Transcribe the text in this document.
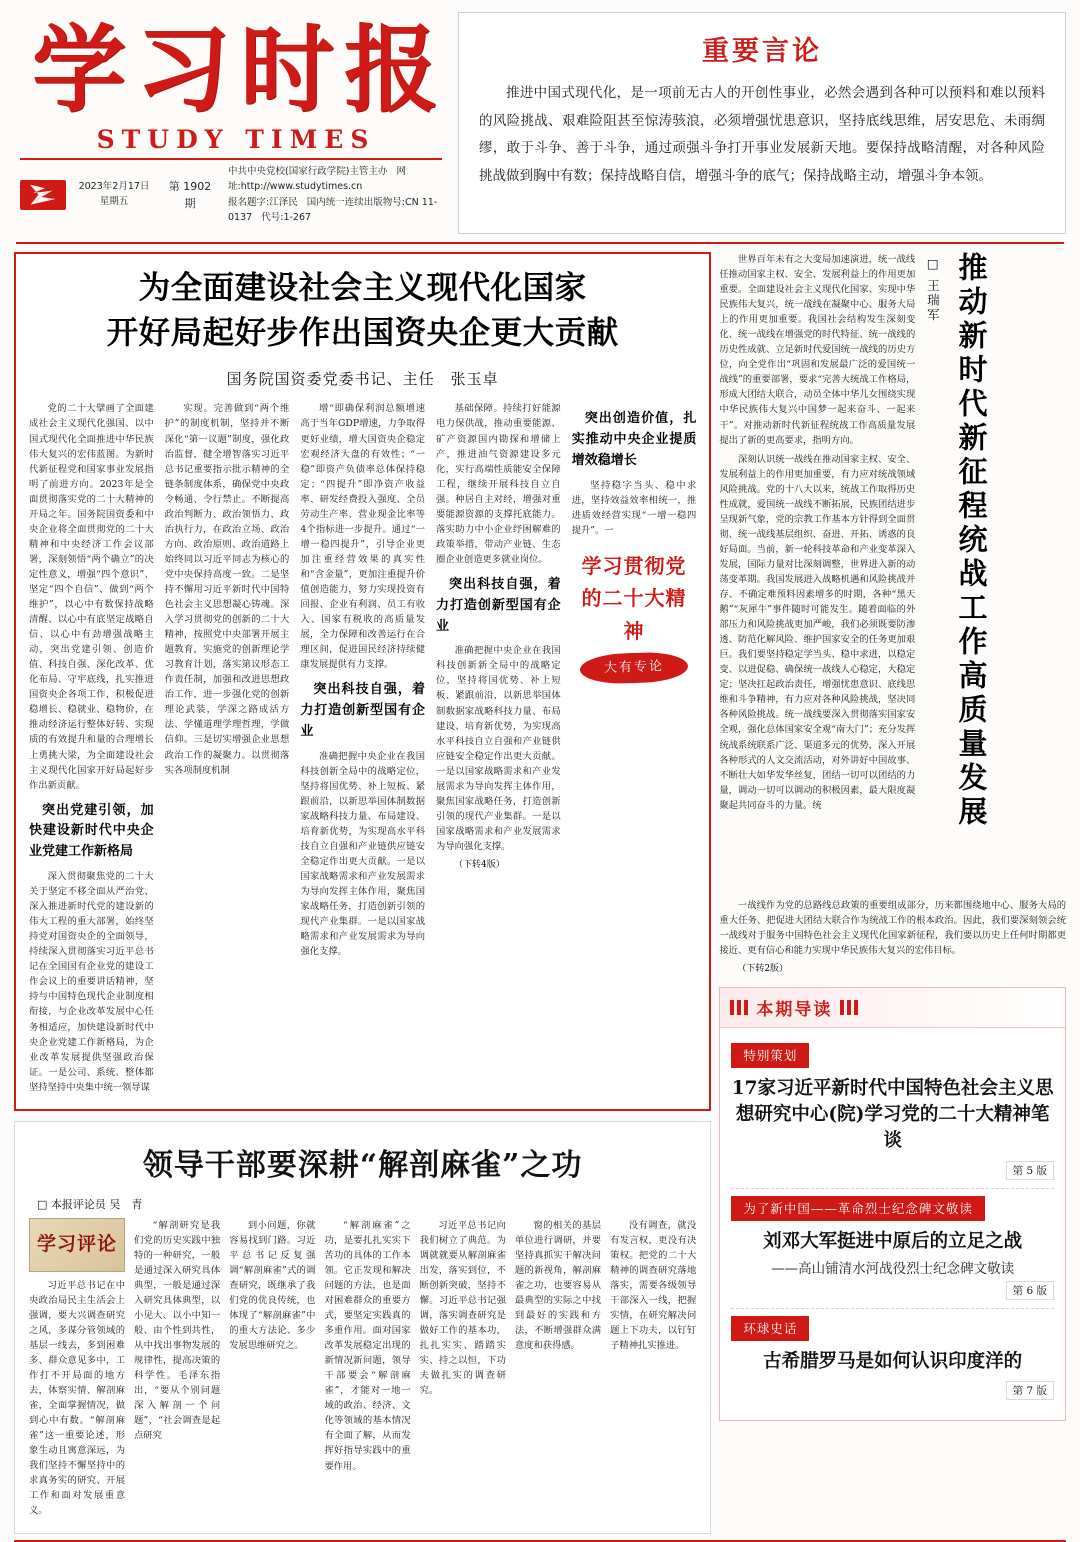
学习时报
STUDY TIMES
2023年2月17日
星期五
第 1902 期
中共中央党校(国家行政学院)主管主办 网址:http://www.studytimes.cn
报名题字:江泽民 国内统一连续出版物号:CN 11-0137 代号:1-267
重要言论
推进中国式现代化，是一项前无古人的开创性事业，必然会遇到各种可以预料和难以预料的风险挑战、艰难险阻甚至惊涛骇浪，必须增强忧患意识，坚持底线思维，居安思危、未雨绸缪，敢于斗争、善于斗争，通过顽强斗争打开事业发展新天地。要保持战略清醒，对各种风险挑战做到胸中有数；保持战略自信，增强斗争的底气；保持战略主动，增强斗争本领。
为全面建设社会主义现代化国家
开好局起好步作出国资央企更大贡献
国务院国资委党委书记、主任　张玉卓

党的二十大擘画了全面建成社会主义现代化强国、以中国式现代化全面推进中华民族伟大复兴的宏伟蓝图。为新时代新征程党和国家事业发展指明了前进方向。2023年是全面贯彻落实党的二十大精神的开局之年。国务院国资委和中央企业将全面贯彻党的二十大精神和中央经济工作会议部署，深刻领悟“两个确立”的决定性意义，增强“四个意识”、坚定“四个自信”、做到“两个维护”，以心中有数保持战略清醒、以心中有底坚定战略自信、以心中有劲增强战略主动，突出党建引领、创造价值、科技自强、深化改革、优化布局、守牢底线，扎实推进国资央企各项工作，积极促进稳增长、稳就业、稳物价，在推动经济运行整体好转、实现质的有效提升和量的合理增长上勇挑大梁，为全面建设社会主义现代化国家开好局起好步作出新贡献。

突出党建引领，加快建设新时代中央企业党建工作新格局

深入贯彻聚焦党的二十大关于坚定不移全面从严治党、深入推进新时代党的建设新的伟大工程的重大部署，始终坚持党对国资央企的全面领导，持续深入贯彻落实习近平总书记在全国国有企业党的建设工作会议上的重要讲话精神，坚持与中国特色现代企业制度相衔接，与企业改革发展中心任务相适应，加快建设新时代中央企业党建工作新格局，为企业改革发展提供坚强政治保证。一是公司、系统、整体都坚持坚持中央集中统一领导谋

实现。完善做到“两个维护”的制度机制，坚持并不断深化“第一议题”制度，强化政治监督，健全增智落实习近平总书记重要指示批示精神的全链条制度体系，确保党中央政令畅通、令行禁止。不断提高政治判断力、政治领悟力、政治执行力，在政治立场、政治方向、政治原则、政治道路上始终同以习近平同志为核心的党中央保持高度一致。二是坚持不懈用习近平新时代中国特色社会主义思想凝心铸魂。深入学习贯彻党的创新的二十大精神，按照党中央部署开展主题教育，实施党的创新理论学习教育计划，落实第议形态工作责任制，加强和改进思想政治工作，进一步强化党的创新理论武装，学深之路成活方法、学懂道理学理哲理，学做信仰。三是切实增强企业思想政治工作的凝聚力。以贯彻落实各项制度机制

增“即确保利润总额增速高于当年GDP增速，力争取得更好业绩，增大国资央企稳定宏观经济大盘的有效性；“一稳”即资产负债率总体保持稳定；“四提升”即净资产收益率、研发经费投入强度、全员劳动生产率、营业现金比率等4个指标进一步提升。通过“一增一稳四提升”，引导企业更加注重经营效果的真实性和“含金量”，更加注重提升价值创造能力，努力实现投资有回报、企业有利润、员工有收入、国家有税收的高质量发展，全力保障和改善运行在合理区间，促进国民经济持续健康发展提供有力支撑。

突出科技自强，着力打造创新型国有企业

准确把握中央企业在我国科技创新全局中的战略定位，坚持将国优势、补上短板、紧跟前沿，以新思举国体制数据家战略科技力量、布局建设、培育新优势，为实现高水平科技自立自强和产业链供应链安全稳定作出更大贡献。一是以国家战略需求和产业发展需求为导向发挥主体作用，聚焦国家战略任务，打造创新引领的现代产业集群。一是以国家战略需求和产业发展需求为导向强化支撑。

基础保障。持续打好能源电力保供战，推动重要能源、矿产资源国内勘探和增储上产，推进油气资源建设多元化，实行高端性质能安全保障工程，继续开展科技自立自强。种居自主对经，增强对重要能源资源的支撑托底能力。落实助力中小企业纾困解难的政策举措，带动产业链、生态圈企业创造更多就业岗位。

突出科技自强，着力打造创新型国有企业

准确把握中央企业在我国科技创新新全局中的战略定位，坚持将国优势、补上短板、紧跟前沿，以新思举国体制数据家战略科技力量、布局建设、培育新优势，为实现高水平科技自立自强和产业链供应链安全稳定作出更大贡献。一是以国家战略需求和产业发展需求为导向发挥主体作用，聚焦国家战略任务，打造创新引领的现代产业集群。一是以国家战略需求和产业发展需求为导向强化支撑。

（下转4版）

突出创造价值，扎实推动中央企业提质增效稳增长

坚持稳字当头、稳中求进，坚持效益效率相统一，推进质效经营实现“一增一稳四提升”。一

学习贯彻党的二十大精神
大有专论
领导干部要深耕“解剖麻雀”之功
□ 本报评论员 吴　青
学习评论

习近平总书记在中央政治局民主生活会上强调，要大兴调查研究之风，多谋分管领域的基层一线去，多到困难多、群众意见多中，工作打不开局面的地方去，体察实情、解剖麻雀，全面掌握情况，做到心中有数。“解剖麻雀”这一重要论述，形象生动且寓意深远，为我们坚持不懈坚持中的求真务实的研究、开展工作和面对发展重意义。

“解剖研究是我们党的历史实践中独特的一种研究，一般是通过深入研究具体典型，一般是通过深入研究具体典型，以小见大、以小中知一般、由个性到共性，从中找出事物发展的规律性，提高决策的科学性。毛泽东指出，“要从个别问题深入解剖一个问题”，“社会调查是起点研究

到小问题，你就容易找到门路。习近平总书记反复强调“解剖麻雀”式的调查研究，既继承了我们党的优良传统，也体现了“解剖麻雀”中的重大方法论、多少发展思维研究之。

“解剖麻雀”之功，是要扎扎实实下苦功的具体的工作本领。它正发现和解决问题的方法，也是面对困难群众的重要方式，要坚定实践真的多重作用。面对国家改革发展稳定出现的新情况新问题，领导干部要会“解剖麻雀”，才能对一地一域的政治、经济、文化等领域的基本情况有全面了解，从而发挥好指导实践中的重要作用。

习近平总书记向我们树立了典范。为调就就要从解剖麻雀出发，落实到位，不断创新突破，坚持不懈。习近平总书记强调，落实调查研究是做好工作的基本功，扎扎实实、踏踏实实、持之以恒，下功夫做扎实的调查研究。

窗的相关的基层单位进行调研，并要坚持真抓实干解决问题的新视角，解剖麻雀之功，也要容易从最典型的实际之中找到最好的实践和方法，不断增强群众满意度和获得感。

没有调查，就没有发言权，更没有决策权。把党的二十大精神的调查研究落地落实，需要各级领导干部深入一线，把握实情，在研究解决问题上下功夫，以钉钉子精神扎实推进。

世界百年未有之大变局加速演进，统一战线任推动国家主权、安全、发展利益上的作用更加重要。全面建设社会主义现代化国家、实现中华民族伟大复兴，统一战线在凝聚中心、服务大局上的作用更加重要。我国社会结构发生深刻变化、统一战线在增强党的时代特征、统一战线的历史性成就、立足新时代爱国统一战线的历史方位，向全党作出“巩固和发展最广泛的爱国统一战线”的重要部署，要求“完善大统战工作格局，形成大团结大联合，动员全体中华儿女围绕实现中华民族伟大复兴中国梦一起来奋斗、一起来干”。对推动新时代新征程统战工作高质量发展提出了新的更高要求，指明方向。

深刻认识统一战线在推动国家主权、安全、发展利益上的作用更加重要，有力应对统战领域风险挑战。党的十八大以来，统战工作取得历史性成就，爱国统一战线不断拓展，民族团结进步呈现新气象，党的宗教工作基本方针得到全面贯彻、统一战线基层组织、奋进、开拓、诱惑的良好局面。当前，新一轮科技革命和产业变革深入发展，国际力量对比深刻调整，世界进入新的动荡变革期。我国发展进入战略机遇和风险挑战并存、不确定难预料因素增多的时期，各种“黑天鹅”“灰犀牛”事件随时可能发生。随着面临的外部压力和风险挑战更加严峻，我们必须既要防渗透、防范化解风险、维护国家安全的任务更加艰巨。我们要坚持稳定学当头、稳中求进，以稳定变、以进促稳、确保统一战线人心稳定，大稳定定；坚决扛起政治责任，增强忧患意识、底线思维和斗争精神，有力应对各种风险挑战，坚决同各种风险挑战。统一战线要深入贯彻落实国家安全观，强化总体国家安全观“南大门”；充分发挥统战系统联系广泛、渠道多元的优势，深入开展各种形式的人文交流活动，对外讲好中国故事、不断壮大如华发华丝复，团结一切可以团结的力量，调动一切可以调动的积极因素，最大限度凝聚起共同奋斗的力量。统

□ 王瑞军 推动新时代新征程统战工作高质量发展

一战线作为党的总路线总政策的重要组成部分，历来都围绕地中心、服务大局的重大任务、把促进大团结大联合作为统战工作的根本政治。因此，我们要深刻领会统一战线对于服务中国特色社会主义现代化国家新征程，我们要以历史上任何时期都更接近、更有信心和能力实现中华民族伟大复兴的宏伟目标。

（下转2版）

本期导读
特别策划
17家习近平新时代中国特色社会主义思想研究中心(院)学习党的二十大精神笔谈
第 5 版
为了新中国——革命烈士纪念碑文敬读
刘邓大军挺进中原后的立足之战
——高山铺清水河战役烈士纪念碑文敬读
第 6 版
环球史话
古希腊罗马是如何认识印度洋的
第 7 版
